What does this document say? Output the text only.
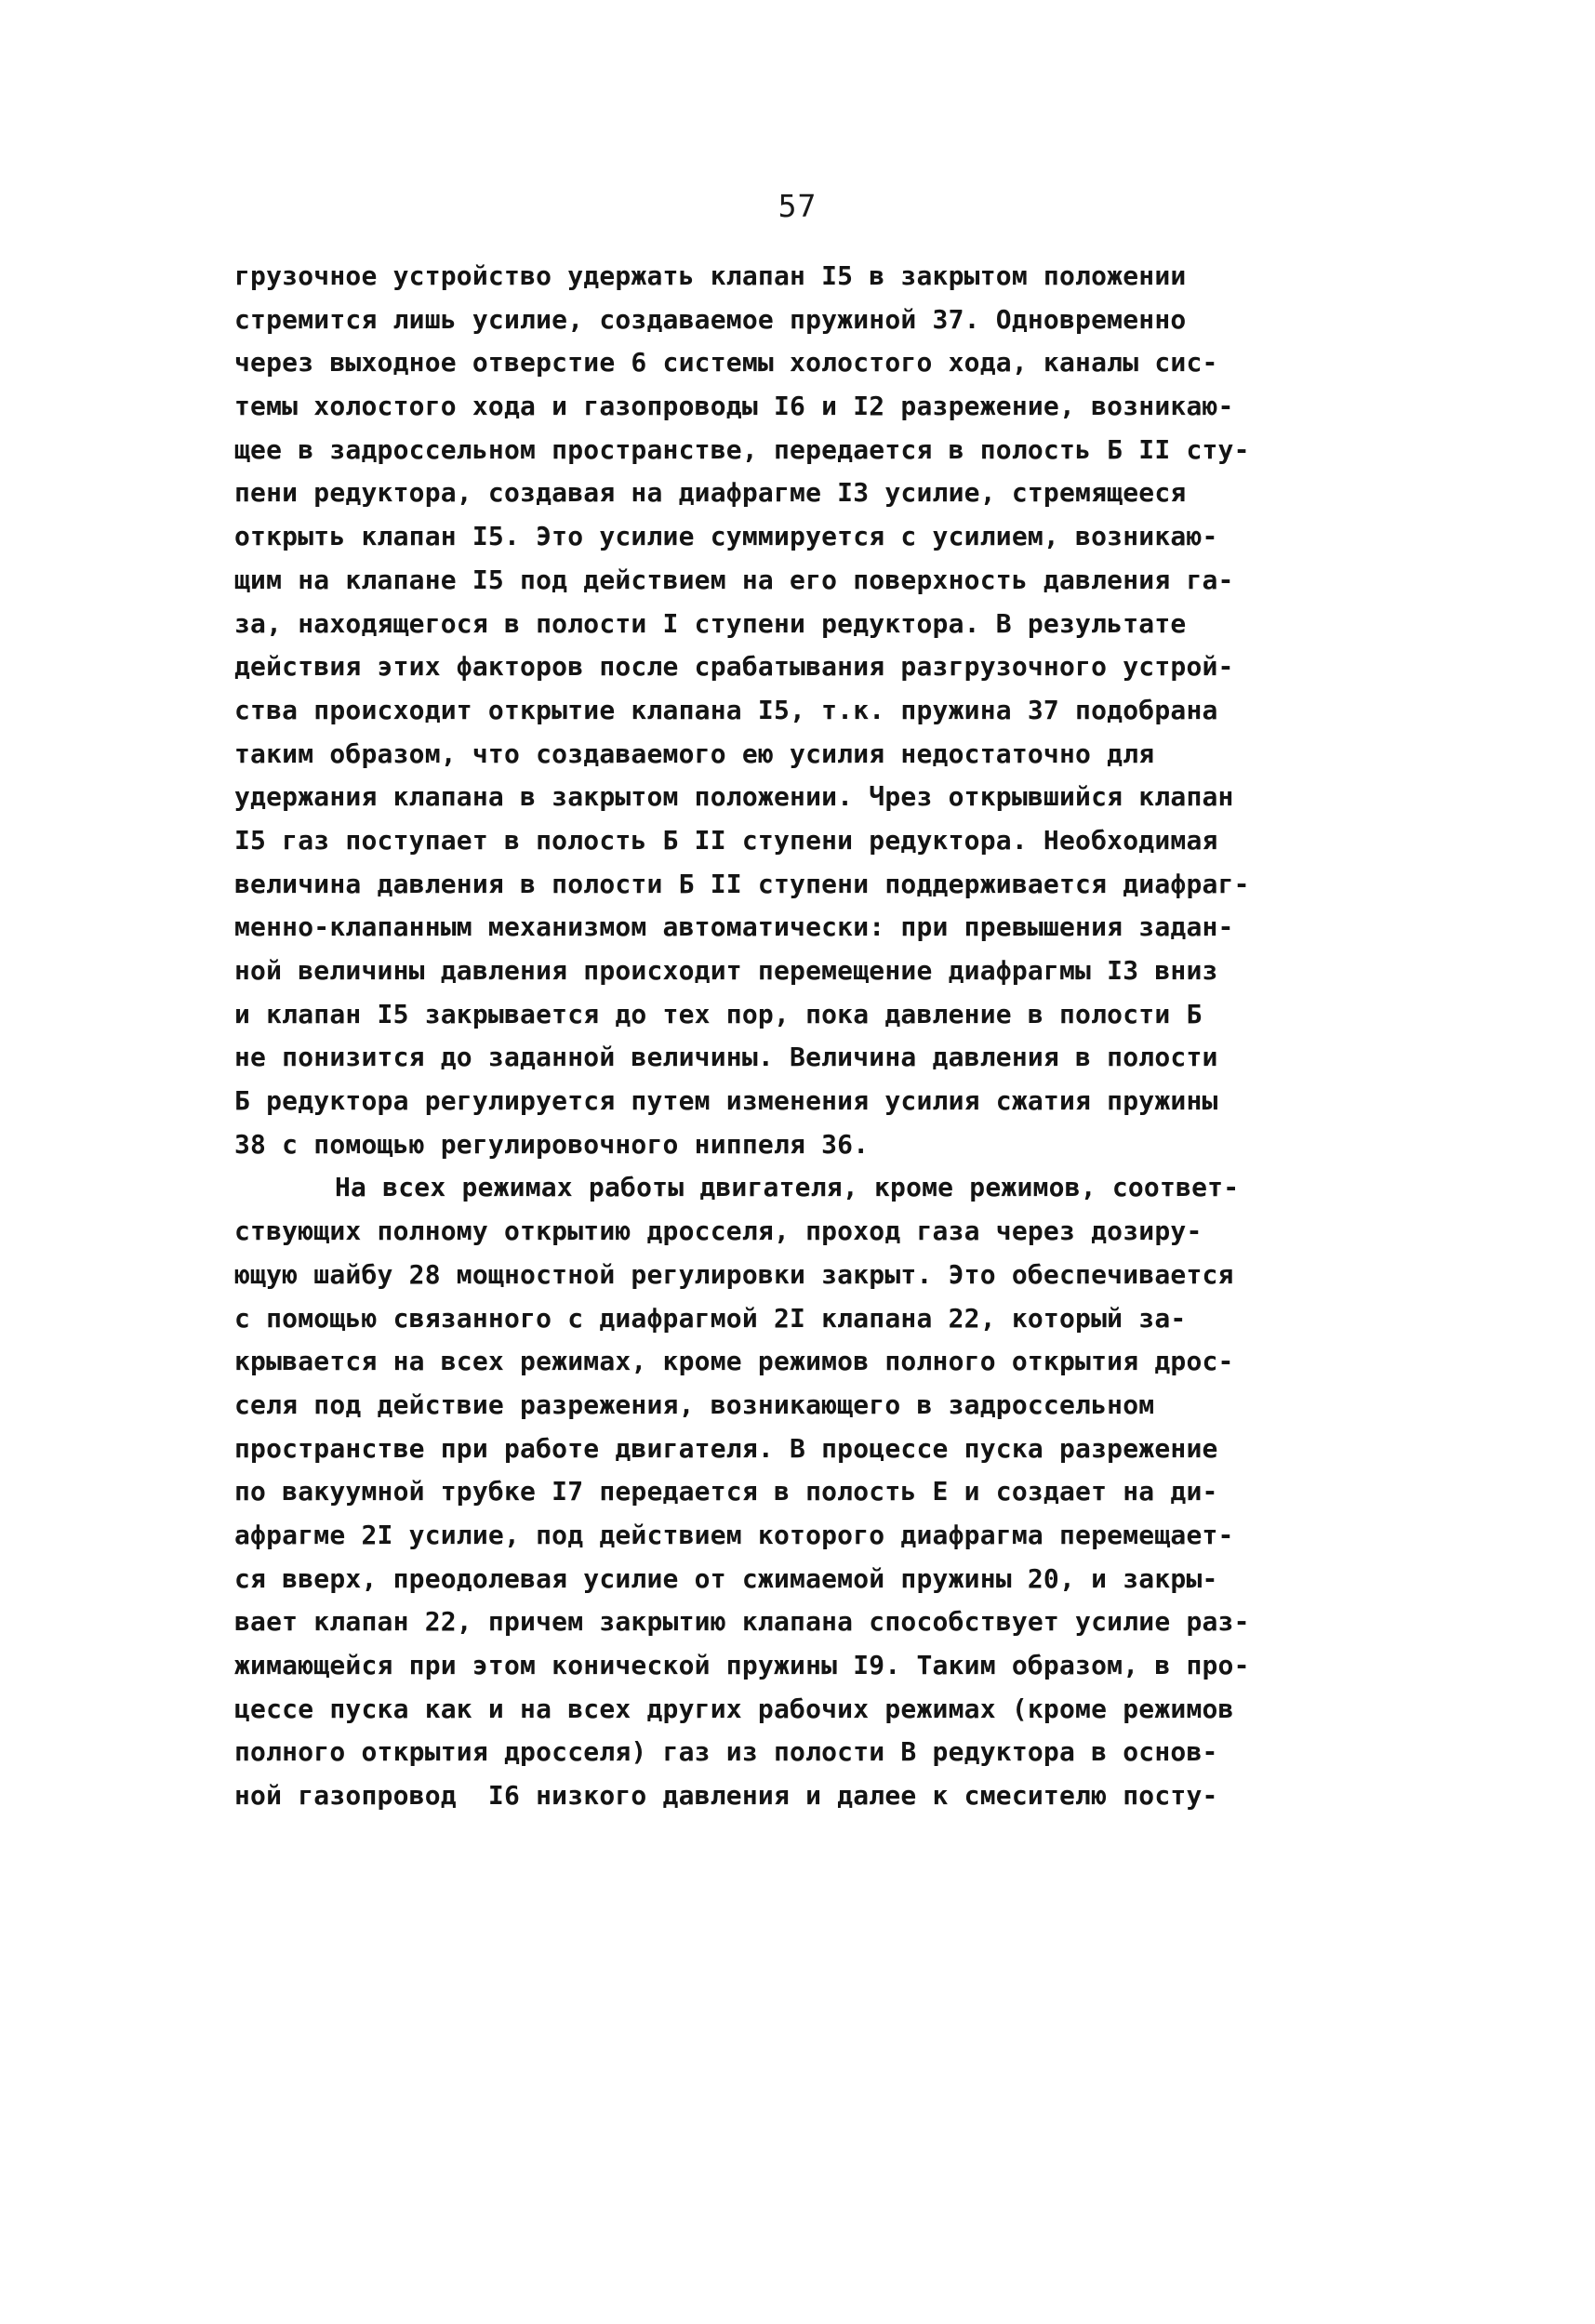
57
грузочное устройство удержать клапан I5 в закрытом положении
стремится лишь усилие, создаваемое пружиной 37. Одновременно
через выходное отверстие 6 системы холостого хода, каналы сис-
темы холостого хода и газопроводы I6 и I2 разрежение, возникаю-
щее в задроссельном пространстве, передается в полость Б II сту-
пени редуктора, создавая на диафрагме I3 усилие, стремящееся
открыть клапан I5. Это усилие суммируется с усилием, возникаю-
щим на клапане I5 под действием на его поверхность давления га-
за, находящегося в полости I ступени редуктора. В результате
действия этих факторов после срабатывания разгрузочного устрой-
ства происходит открытие клапана I5, т.к. пружина 37 подобрана
таким образом, что создаваемого ею усилия недостаточно для
удержания клапана в закрытом положении. Чрез открывшийся клапан
I5 газ поступает в полость Б II ступени редуктора. Необходимая
величина давления в полости Б II ступени поддерживается диафраг-
менно-клапанным механизмом автоматически: при превышения задан-
ной величины давления происходит перемещение диафрагмы I3 вниз
и клапан I5 закрывается до тех пор, пока давление в полости Б
не понизится до заданной величины. Величина давления в полости
Б редуктора регулируется путем изменения усилия сжатия пружины
38 с помощью регулировочного ниппеля 36.
На всех режимах работы двигателя, кроме режимов, соответ-
ствующих полному открытию дросселя, проход газа через дозиру-
ющую шайбу 28 мощностной регулировки закрыт. Это обеспечивается
с помощью связанного с диафрагмой 2I клапана 22, который за-
крывается на всех режимах, кроме режимов полного открытия дрос-
селя под действие разрежения, возникающего в задроссельном
пространстве при работе двигателя. В процессе пуска разрежение
по вакуумной трубке I7 передается в полость Е и создает на ди-
афрагме 2I усилие, под действием которого диафрагма перемещает-
ся вверх, преодолевая усилие от сжимаемой пружины 20, и закры-
вает клапан 22, причем закрытию клапана способствует усилие раз-
жимающейся при этом конической пружины I9. Таким образом, в про-
цессе пуска как и на всех других рабочих режимах (кроме режимов
полного открытия дросселя) газ из полости В редуктора в основ-
ной газопровод  I6 низкого давления и далее к смесителю посту-
